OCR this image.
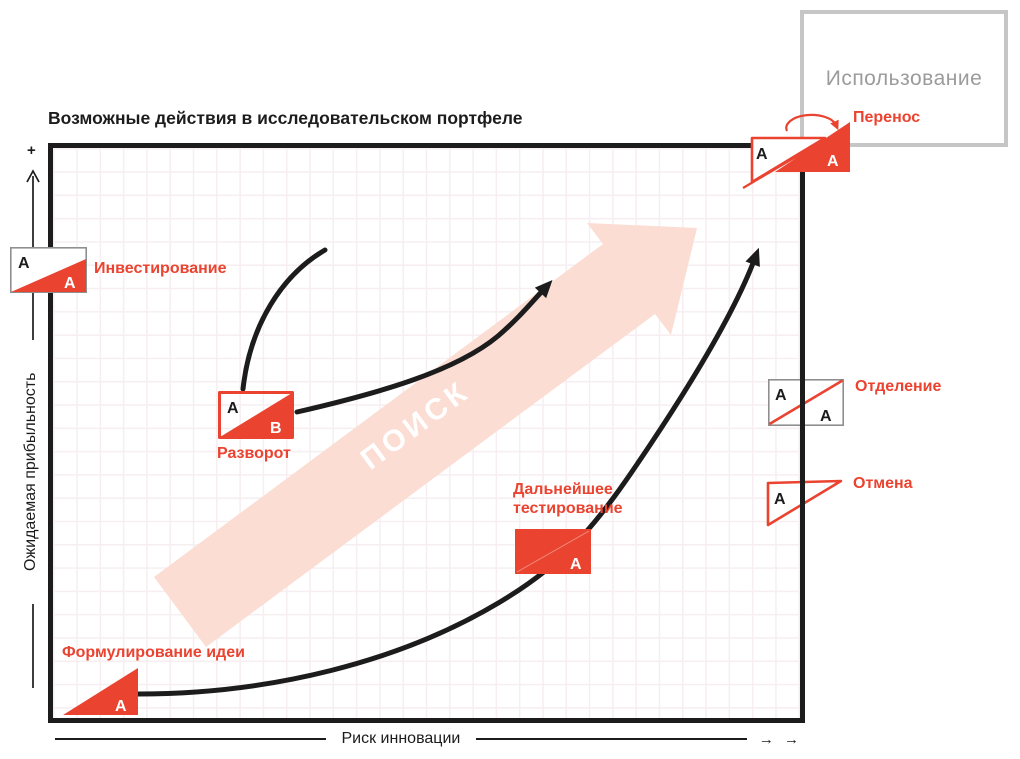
А
А
А
ПОИСК
Использование
Возможные действия в исследовательском портфеле
+
Ожидаемая прибыльность
Риск инновации	→ →
А
А
А
В
А
А
А	А
Инвестирование
Разворот
Дальнейшее тестирование
Формулирование идеи
Перенос
Отделение
Отмена
